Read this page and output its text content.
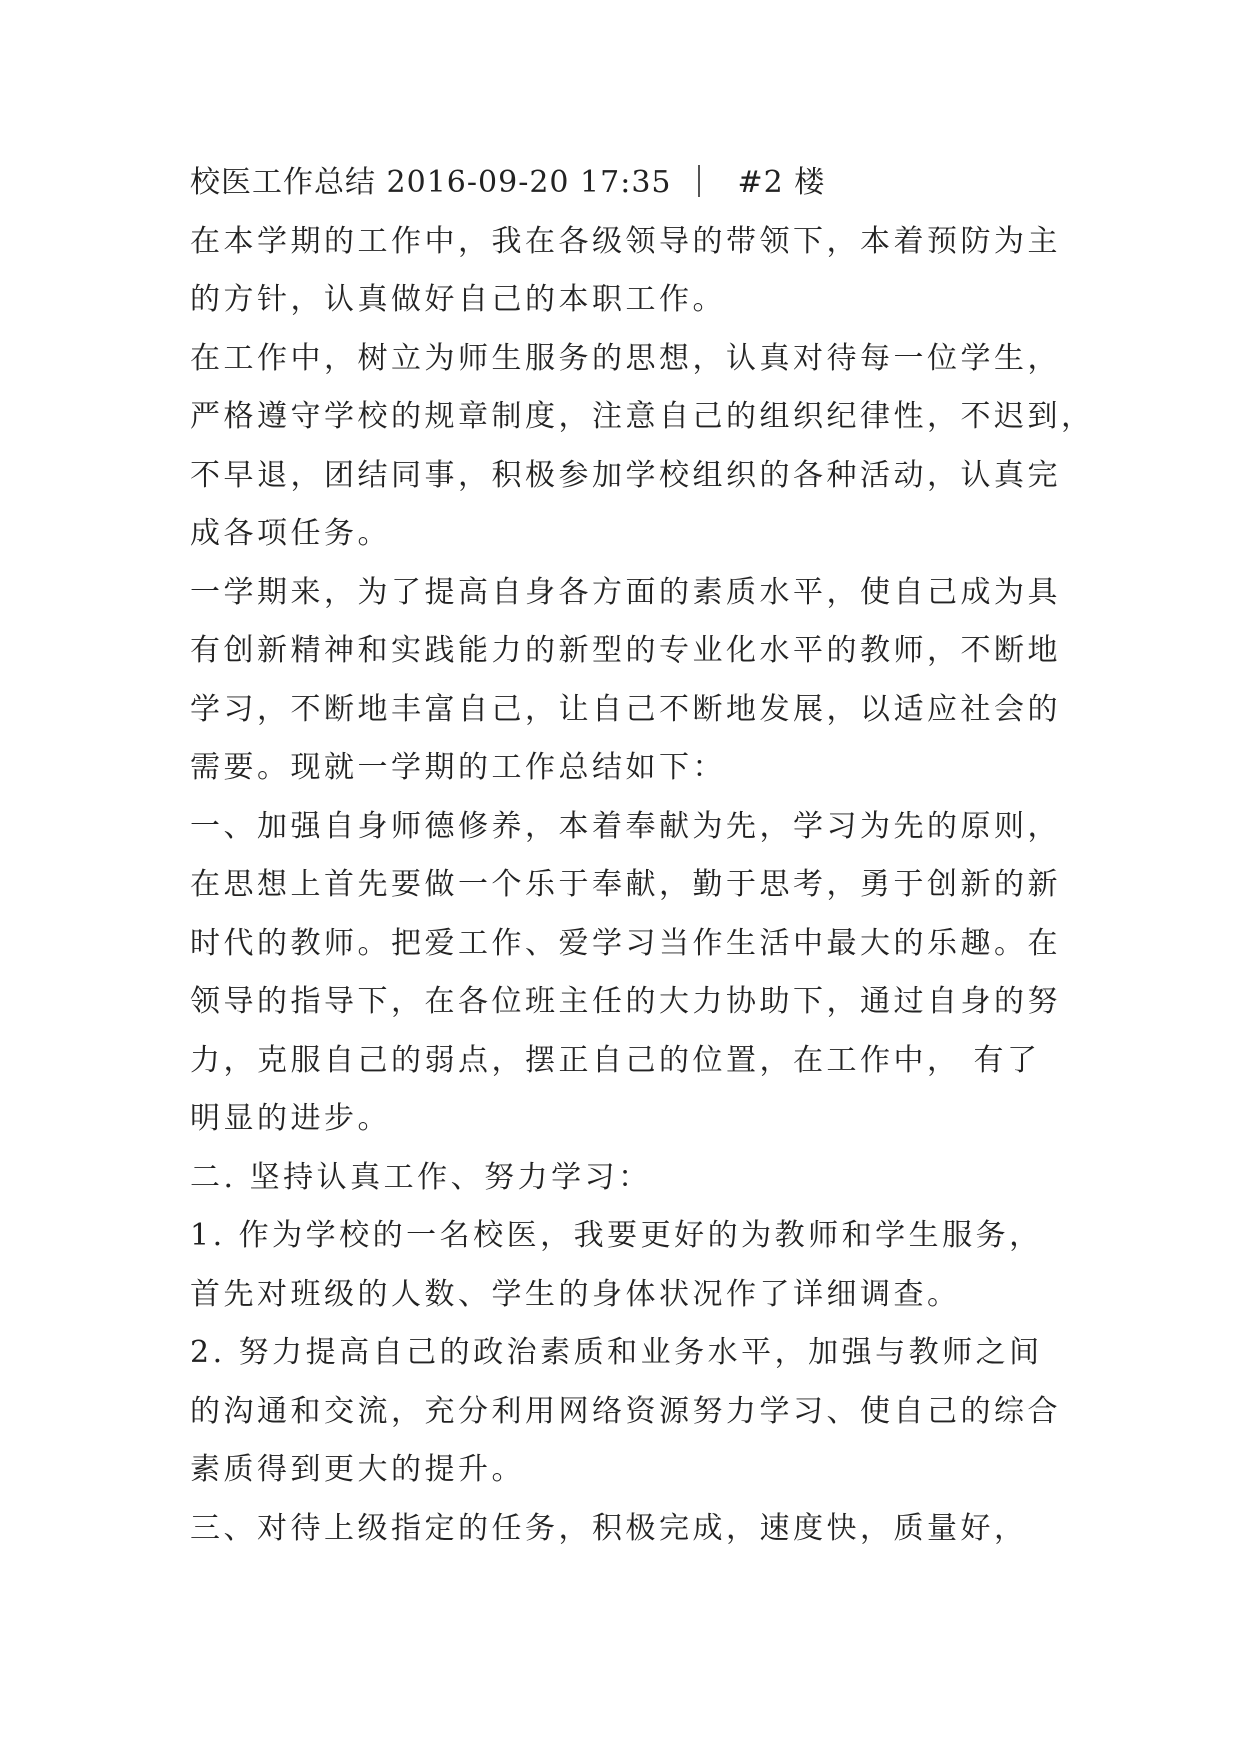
校医工作总结 2016-09-20 17:35 #2 楼
在本学期的工作中，我在各级领导的带领下，本着预防为主
的方针，认真做好自己的本职工作。
在工作中，树立为师生服务的思想，认真对待每一位学生，
严格遵守学校的规章制度，注意自己的组织纪律性，不迟到，
不早退，团结同事，积极参加学校组织的各种活动，认真完
成各项任务。
一学期来，为了提高自身各方面的素质水平，使自己成为具
有创新精神和实践能力的新型的专业化水平的教师，不断地
学习，不断地丰富自己，让自己不断地发展，以适应社会的
需要。现就一学期的工作总结如下：
一、加强自身师德修养，本着奉献为先，学习为先的原则，
在思想上首先要做一个乐于奉献，勤于思考，勇于创新的新
时代的教师。把爱工作、爱学习当作生活中最大的乐趣。在
领导的指导下，在各位班主任的大力协助下，通过自身的努
力，克服自己的弱点，摆正自己的位置，在工作中， 有了
明显的进步。
二. 坚持认真工作、努力学习：
1. 作为学校的一名校医，我要更好的为教师和学生服务，
首先对班级的人数、学生的身体状况作了详细调查。
2. 努力提高自己的政治素质和业务水平，加强与教师之间
的沟通和交流，充分利用网络资源努力学习、使自己的综合
素质得到更大的提升。
三、对待上级指定的任务，积极完成，速度快，质量好，
